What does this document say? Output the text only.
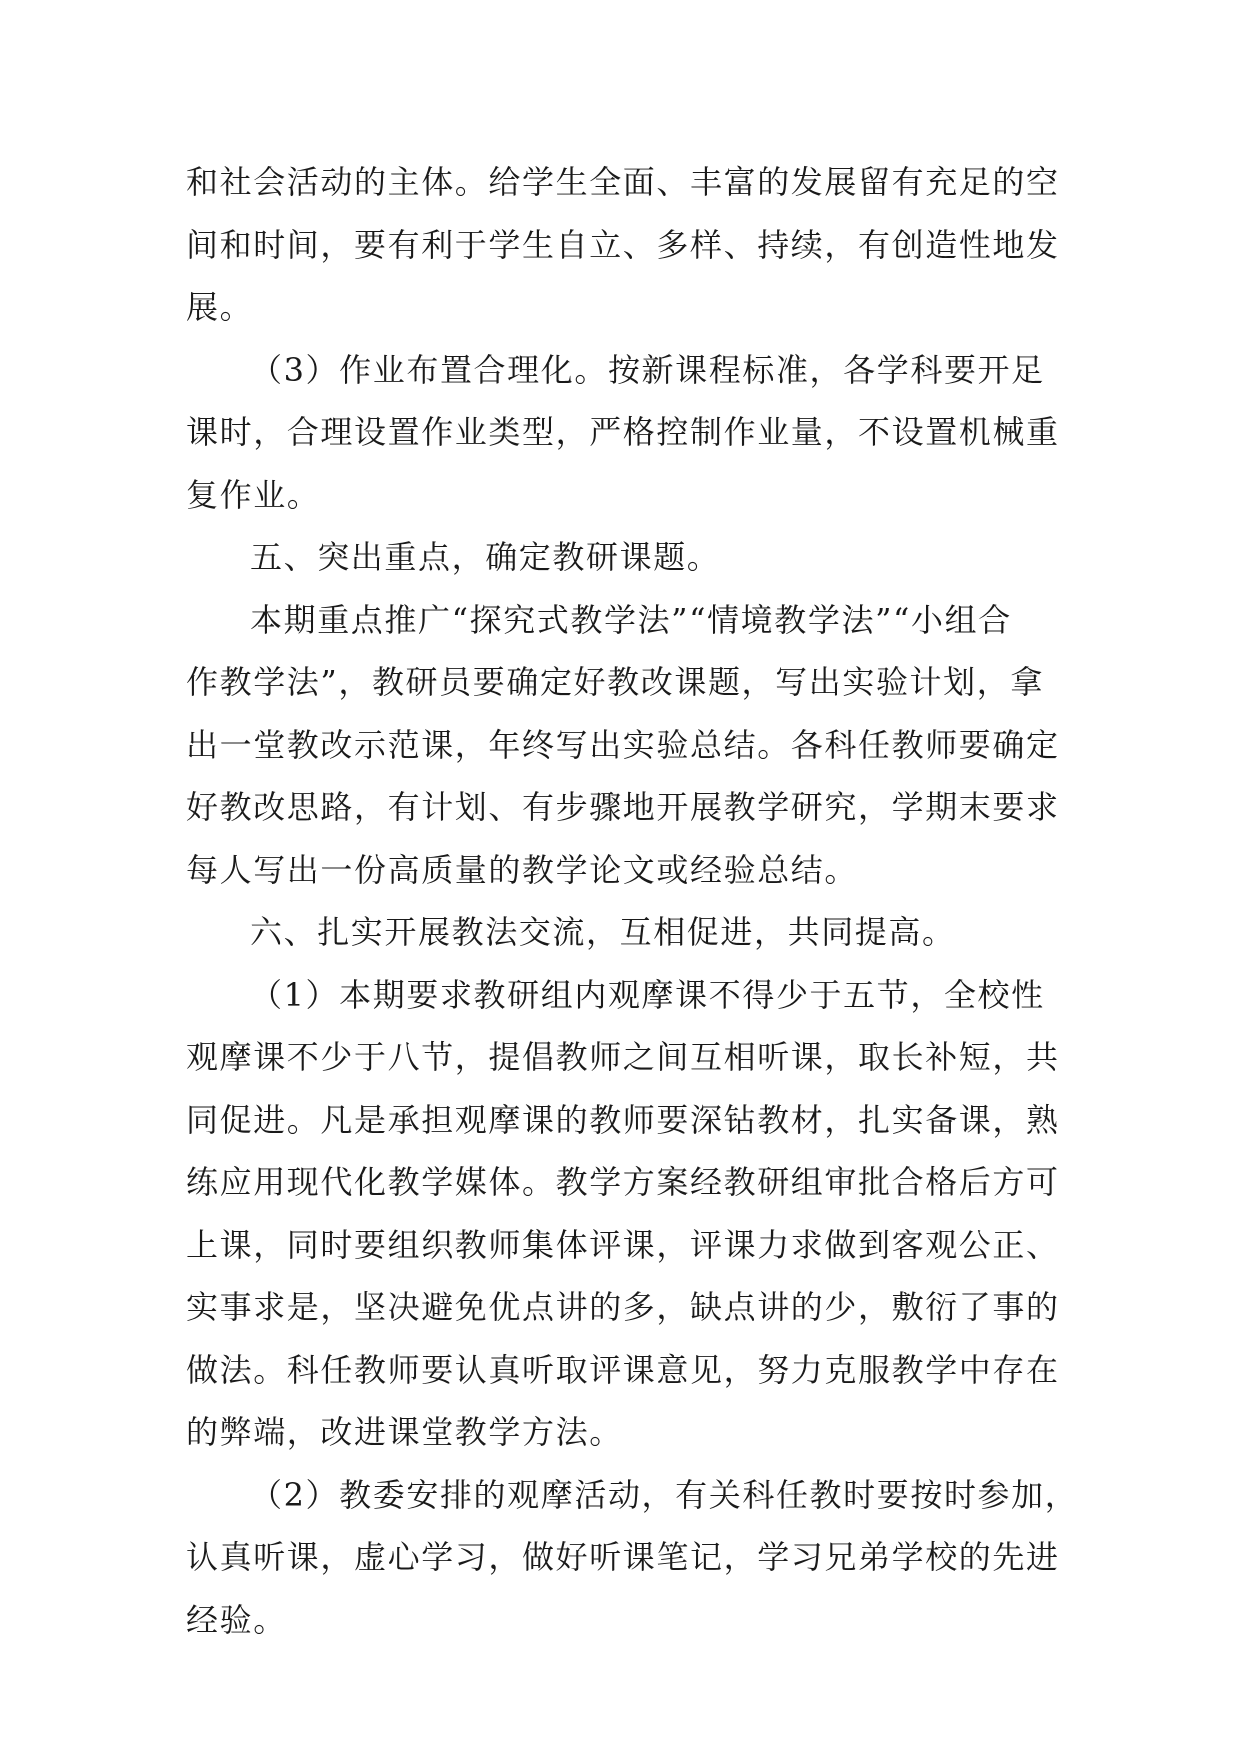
和社会活动的主体。给学生全面、丰富的发展留有充足的空

间和时间，要有利于学生自立、多样、持续，有创造性地发

展。

（3）作业布置合理化。按新课程标准，各学科要开足

课时，合理设置作业类型，严格控制作业量，不设置机械重

复作业。

五、突出重点，确定教研课题。

本期重点推广“探究式教学法”“情境教学法”“小组合

作教学法”，教研员要确定好教改课题，写出实验计划，拿

出一堂教改示范课，年终写出实验总结。各科任教师要确定

好教改思路，有计划、有步骤地开展教学研究，学期末要求

每人写出一份高质量的教学论文或经验总结。

六、扎实开展教法交流，互相促进，共同提高。

（1）本期要求教研组内观摩课不得少于五节，全校性

观摩课不少于八节，提倡教师之间互相听课，取长补短，共

同促进。凡是承担观摩课的教师要深钻教材，扎实备课，熟

练应用现代化教学媒体。教学方案经教研组审批合格后方可

上课，同时要组织教师集体评课，评课力求做到客观公正、

实事求是，坚决避免优点讲的多，缺点讲的少，敷衍了事的

做法。科任教师要认真听取评课意见，努力克服教学中存在

的弊端，改进课堂教学方法。

（2）教委安排的观摩活动，有关科任教时要按时参加，

认真听课，虚心学习，做好听课笔记，学习兄弟学校的先进

经验。
